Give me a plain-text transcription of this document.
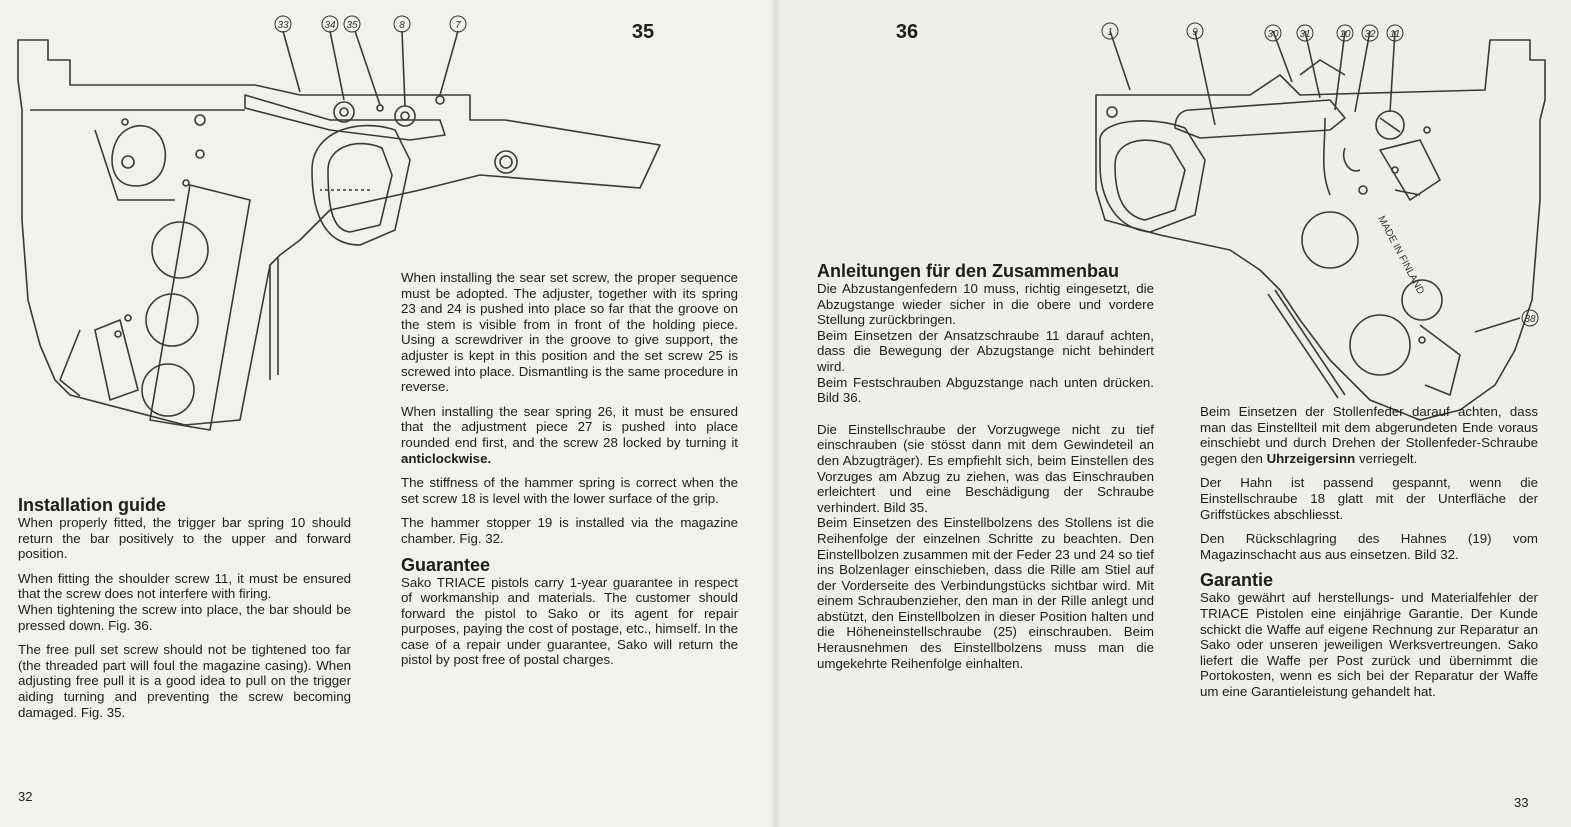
33	34 35	8	7
1	9	30 31	10 32 11
38
35	36
MADE IN FINLAND
Installation guide

When properly fitted, the trigger bar spring 10 should return the bar positively to the upper and forward position.

When fitting the shoulder screw 11, it must be ensured that the screw does not interfere with firing.

When tightening the screw into place, the bar should be pressed down. Fig. 36.

The free pull set screw should not be tightened too far (the threaded part will foul the magazine casing). When adjusting free pull it is a good idea to pull on the trigger aiding turning and preventing the screw becoming damaged. Fig. 35.

When installing the sear set screw, the proper sequence must be adopted. The adjuster, together with its spring 23 and 24 is pushed into place so far that the groove on the stem is visible from in front of the holding piece. Using a screwdriver in the groove to give support, the adjuster is kept in this position and the set screw 25 is screwed into place. Dismantling is the same procedure in reverse.

When installing the sear spring 26, it must be ensured that the adjustment piece 27 is pushed into place rounded end first, and the screw 28 locked by turning it anticlockwise.

The stiffness of the hammer spring is correct when the set screw 18 is level with the lower surface of the grip.

The hammer stopper 19 is installed via the magazine chamber. Fig. 32.

Guarantee

Sako TRIACE pistols carry 1-year guarantee in respect of workmanship and materials. The customer should forward the pistol to Sako or its agent for repair purposes, paying the cost of postage, etc., himself. In the case of a repair under guarantee, Sako will return the pistol by post free of postal charges.

Anleitungen für den Zusammenbau

Die Abzustangenfedern 10 muss, richtig eingesetzt, die Abzugstange wieder sicher in die obere und vordere Stellung zurückbringen.

Beim Einsetzen der Ansatzschraube 11 darauf achten, dass die Bewegung der Abzugstange nicht behindert wird.

Beim Festschrauben Abguzstange nach unten drücken. Bild 36.

Die Einstellschraube der Vorzugwege nicht zu tief einschrauben (sie stösst dann mit dem Gewindeteil an den Abzugträger). Es empfiehlt sich, beim Einstellen des Vorzuges am Abzug zu ziehen, was das Einschrauben erleichtert und eine Beschädigung der Schraube verhindert. Bild 35.

Beim Einsetzen des Einstellbolzens des Stollens ist die Reihenfolge der einzelnen Schritte zu beachten. Den Einstellbolzen zusammen mit der Feder 23 und 24 so tief ins Bolzenlager einschieben, dass die Rille am Stiel auf der Vorderseite des Verbindungstücks sichtbar wird. Mit einem Schraubenzieher, den man in der Rille anlegt und abstützt, den Einstellbolzen in dieser Position halten und die Höheneinstellschraube (25) einschrauben. Beim Herausnehmen des Einstellbolzens muss man die umgekehrte Reihenfolge einhalten.

Beim Einsetzen der Stollenfeder darauf achten, dass man das Einstellteil mit dem abgerundeten Ende voraus einschiebt und durch Drehen der Stollenfeder-Schraube gegen den Uhrzeigersinn verriegelt.

Der Hahn ist passend gespannt, wenn die Einstellschraube 18 glatt mit der Unterfläche der Griffstückes abschliesst.

Den Rückschlagring des Hahnes (19) vom Magazinschacht aus aus einsetzen. Bild 32.

Garantie

Sako gewährt auf herstellungs- und Materialfehler der TRIACE Pistolen eine einjährige Garantie. Der Kunde schickt die Waffe auf eigene Rechnung zur Reparatur an Sako oder unseren jeweiligen Werksvertreungen. Sako liefert die Waffe per Post zurück und übernimmt die Portokosten, wenn es sich bei der Reparatur der Waffe um eine Garantieleistung gehandelt hat.

32	33
